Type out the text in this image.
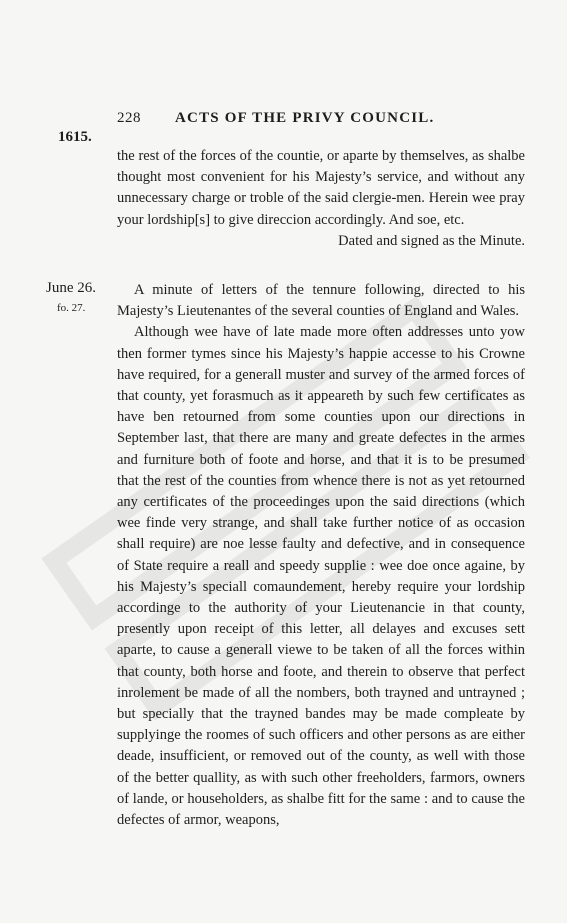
228 ACTS OF THE PRIVY COUNCIL.
1615.

the rest of the forces of the countie, or aparte by themselves, as shalbe thought most convenient for his Majesty’s service, and without any unnecessary charge or troble of the said clergie-men. Herein wee pray your lordship[s] to give direccion accordingly. And soe, etc.

Dated and signed as the Minute.

June 26.
fo. 27.

A minute of letters of the tennure following, directed to his Majesty’s Lieutenantes of the several counties of England and Wales.

Although wee have of late made more often addresses unto yow then former tymes since his Majesty’s happie accesse to his Crowne have required, for a generall muster and survey of the armed forces of that county, yet forasmuch as it appeareth by such few certificates as have ben retourned from some counties upon our directions in September last, that there are many and greate defectes in the armes and furniture both of foote and horse, and that it is to be presumed that the rest of the counties from whence there is not as yet retourned any certificates of the proceedinges upon the said directions (which wee finde very strange, and shall take further notice of as occasion shall require) are noe lesse faulty and defective, and in consequence of State require a reall and speedy supplie : wee doe once againe, by his Majesty’s speciall comaundement, hereby require your lordship accordinge to the authority of your Lieutenancie in that county, presently upon receipt of this letter, all delayes and excuses sett aparte, to cause a generall viewe to be taken of all the forces within that county, both horse and foote, and therein to observe that perfect inrolement be made of all the nombers, both trayned and untrayned ; but specially that the trayned bandes may be made compleate by supplyinge the roomes of such officers and other persons as are either deade, insufficient, or removed out of the county, as well with those of the better quallity, as with such other freeholders, farmors, owners of lande, or householders, as shalbe fitt for the same : and to cause the defectes of armor, weapons,
